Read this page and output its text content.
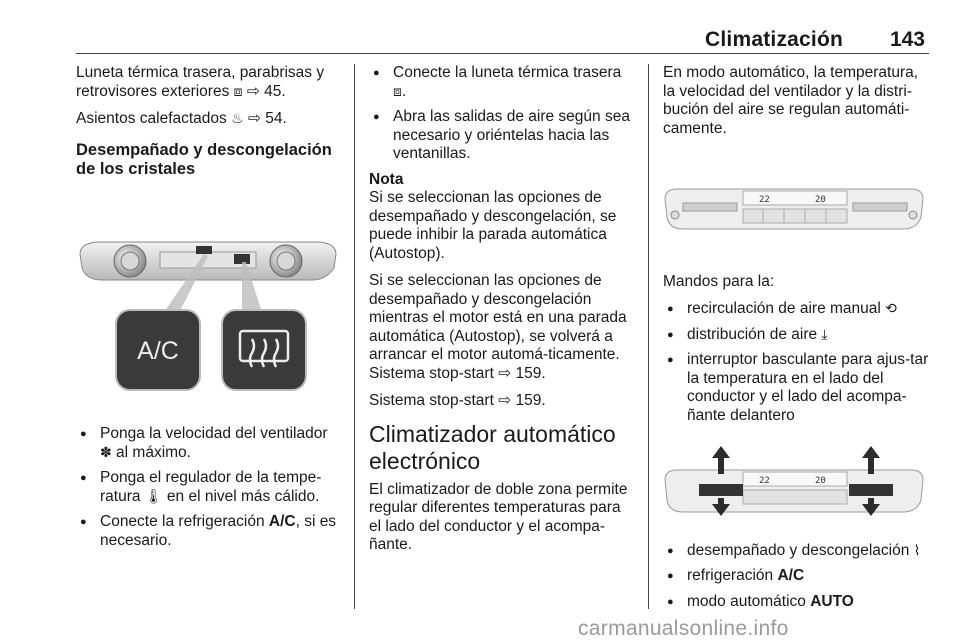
Climatización 143

Luneta térmica trasera, parabrisas y retrovisores exteriores ⧈ ⇨ 45.

Asientos calefactados ♨ ⇨ 54.

Desempañado y descongelación de los cristales
A/C
● Ponga la velocidad del ventilador ✽ al máximo.
● Ponga el regulador de la tempe-ratura 🌡 en el nivel más cálido.
● Conecte la refrigeración A/C, si es necesario.
● Conecte la luneta térmica trasera ⧈.
● Abra las salidas de aire según sea necesario y oriéntelas hacia las ventanillas.

Nota

Si se seleccionan las opciones de desempañado y descongelación, se puede inhibir la parada automática (Autostop).

Si se seleccionan las opciones de desempañado y descongelación mientras el motor está en una parada automática (Autostop), se volverá a arrancar el motor automá-ticamente. Sistema stop-start ⇨ 159.

Sistema stop-start ⇨ 159.

Climatizador automático electrónico

El climatizador de doble zona permite regular diferentes temperaturas para el lado del conductor y el acompa-ñante.

En modo automático, la temperatura, la velocidad del ventilador y la distri-bución del aire se regulan automáti-camente.

22	20

Mandos para la:

● recirculación de aire manual ⟲
● distribución de aire ⤓
● interruptor basculante para ajus-tar la temperatura en el lado del conductor y el lado del acompa-ñante delantero
22	20
● desempañado y descongelación ⌇
● refrigeración A/C
● modo automático AUTO
carmanualsonline.info
